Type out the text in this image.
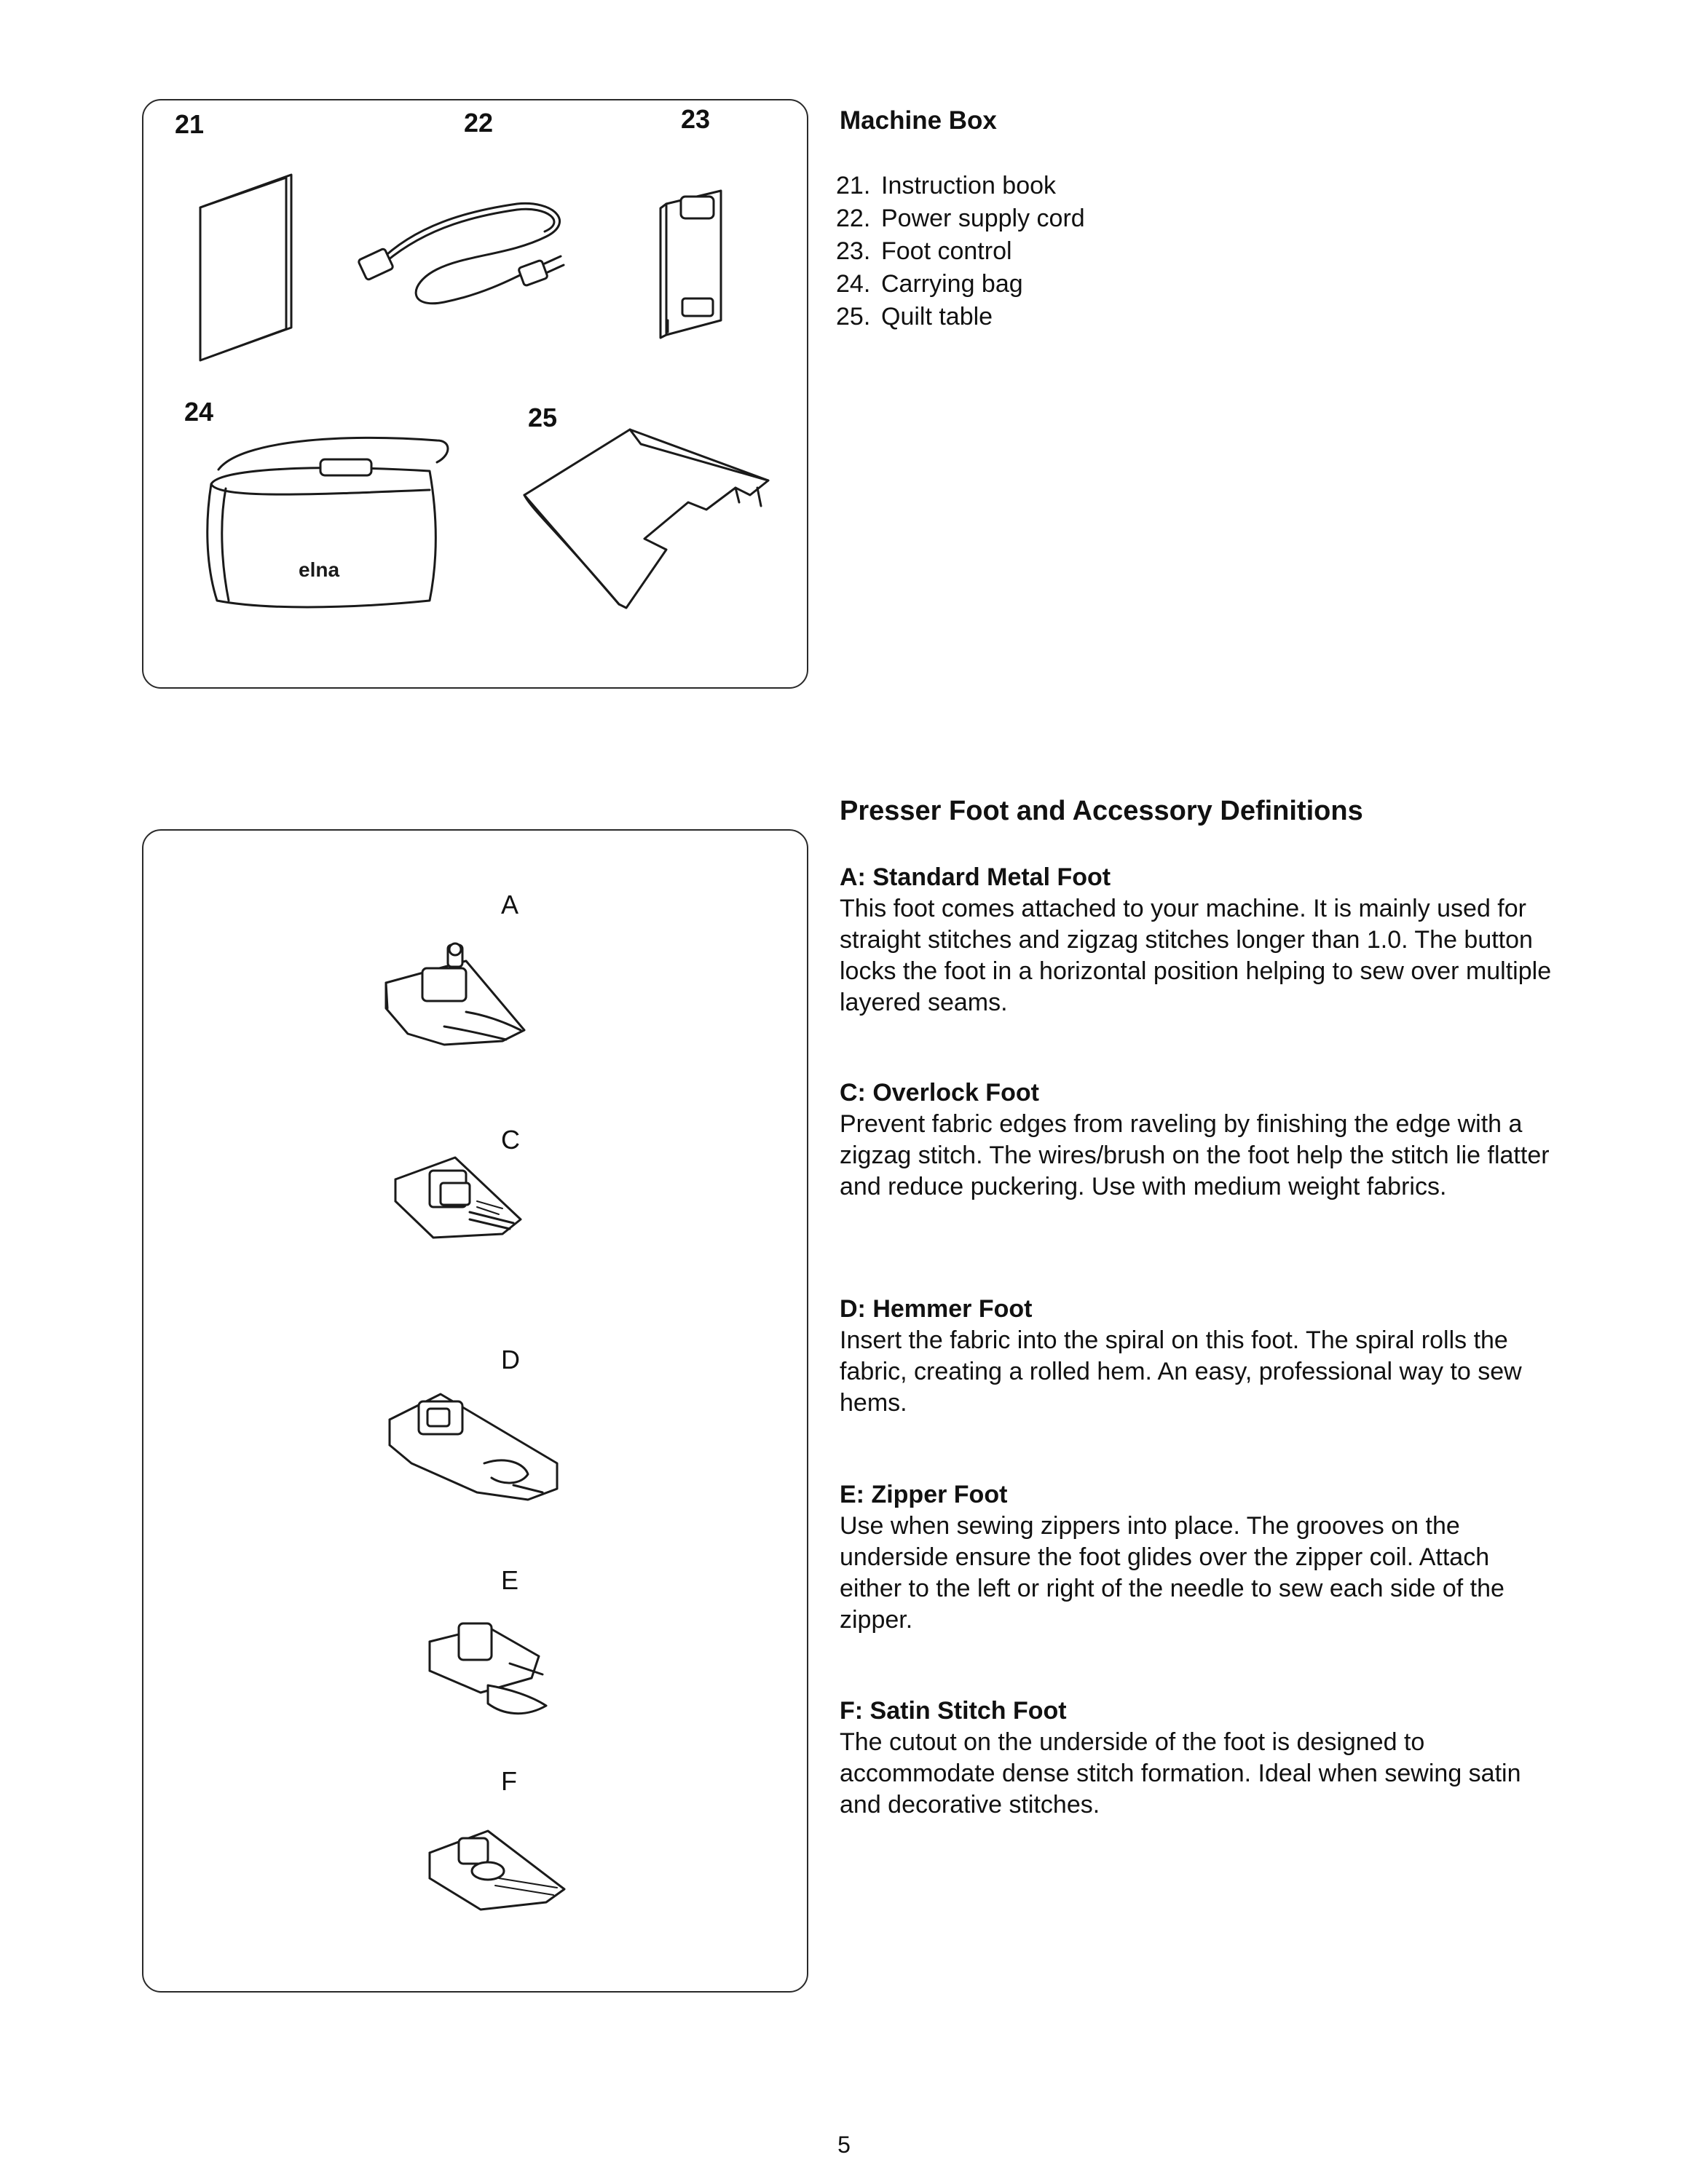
21	22	23
24	25
elna
Machine Box
21. Instruction book
22. Power supply cord
23. Foot control
24. Carrying bag
25. Quilt table
A
C
D
E
F
Presser Foot and Accessory Definitions
A: Standard Metal Foot
This foot comes attached to your machine. It is mainly used for straight stitches and zigzag stitches longer than 1.0. The button locks the foot in a horizontal position helping to sew over multiple layered seams.
C: Overlock Foot
Prevent fabric edges from raveling by finishing the edge with a zigzag stitch. The wires/brush on the foot help the stitch lie flatter and reduce puckering. Use with medium weight fabrics.
D: Hemmer Foot
Insert the fabric into the spiral on this foot. The spiral rolls the fabric, creating a rolled hem. An easy, professional way to sew hems.
E: Zipper Foot
Use when sewing zippers into place. The grooves on the underside ensure the foot glides over the zipper coil. Attach either to the left or right of the needle to sew each side of the zipper.
F: Satin Stitch Foot
The cutout on the underside of the foot is designed to accommodate dense stitch formation. Ideal when sewing satin and decorative stitches.
5
